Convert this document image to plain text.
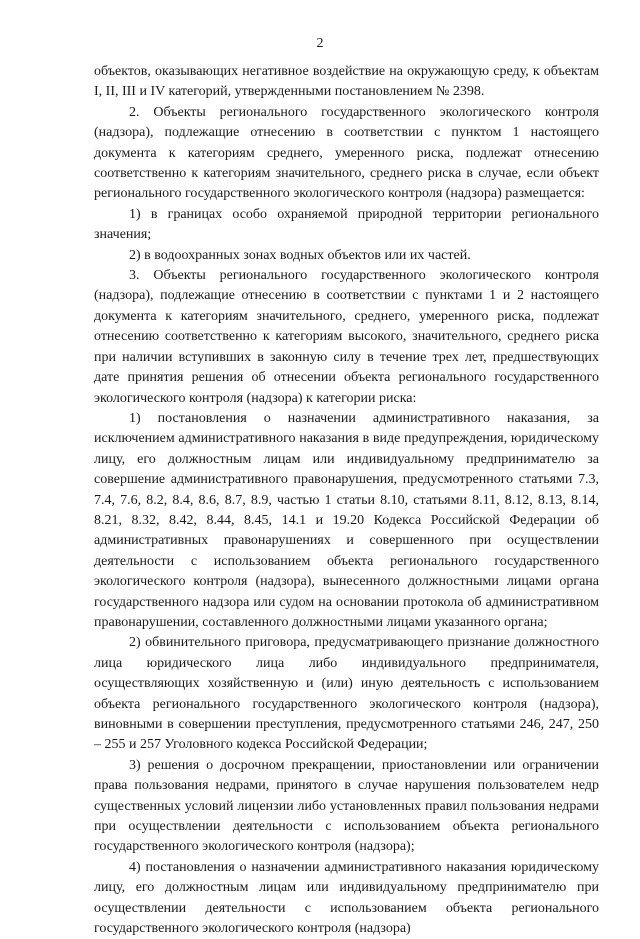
2

объектов, оказывающих негативное воздействие на окружающую среду, к объектам I, II, III и IV категорий, утвержденными постановлением № 2398.

2. Объекты регионального государственного экологического контроля (надзора), подлежащие отнесению в соответствии с пунктом 1 настоящего документа к категориям среднего, умеренного риска, подлежат отнесению соответственно к категориям значительного, среднего риска в случае, если объект регионального государственного экологического контроля (надзора) размещается:

1) в границах особо охраняемой природной территории регионального значения;

2) в водоохранных зонах водных объектов или их частей.

3. Объекты регионального государственного экологического контроля (надзора), подлежащие отнесению в соответствии с пунктами 1 и 2 настоящего документа к категориям значительного, среднего, умеренного риска, подлежат отнесению соответственно к категориям высокого, значительного, среднего риска при наличии вступивших в законную силу в течение трех лет, предшествующих дате принятия решения об отнесении объекта регионального государственного экологического контроля (надзора) к категории риска:

1) постановления о назначении административного наказания, за исключением административного наказания в виде предупреждения, юридическому лицу, его должностным лицам или индивидуальному предпринимателю за совершение административного правонарушения, предусмотренного статьями 7.3, 7.4, 7.6, 8.2, 8.4, 8.6, 8.7, 8.9, частью 1 статьи 8.10, статьями 8.11, 8.12, 8.13, 8.14, 8.21, 8.32, 8.42, 8.44, 8.45, 14.1 и 19.20 Кодекса Российской Федерации об административных правонарушениях и совершенного при осуществлении деятельности с использованием объекта регионального государственного экологического контроля (надзора), вынесенного должностными лицами органа государственного надзора или судом на основании протокола об административном правонарушении, составленного должностными лицами указанного органа;

2) обвинительного приговора, предусматривающего признание должностного лица юридического лица либо индивидуального предпринимателя, осуществляющих хозяйственную и (или) иную деятельность с использованием объекта регионального государственного экологического контроля (надзора), виновными в совершении преступления, предусмотренного статьями 246, 247, 250 – 255 и 257 Уголовного кодекса Российской Федерации;

3) решения о досрочном прекращении, приостановлении или ограничении права пользования недрами, принятого в случае нарушения пользователем недр существенных условий лицензии либо установленных правил пользования недрами при осуществлении деятельности с использованием объекта регионального государственного экологического контроля (надзора);

4) постановления о назначении административного наказания юридическому лицу, его должностным лицам или индивидуальному предпринимателю при осуществлении деятельности с использованием объекта регионального государственного экологического контроля (надзора)
